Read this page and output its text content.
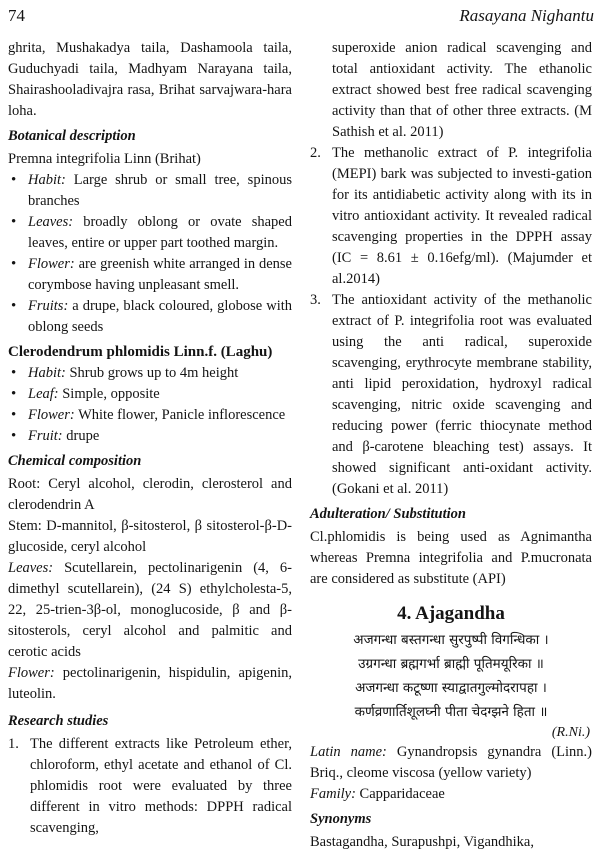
74	Rasayana Nighantu

ghrita, Mushakadya taila, Dashamoola taila, Guduchyadi taila, Madhyam Narayana taila, Shairashooladivajra rasa, Brihat sarvajwara-hara loha.

Botanical description

Premna integrifolia Linn (Brihat)

• Habit: Large shrub or small tree, spinous branches
• Leaves: broadly oblong or ovate shaped leaves, entire or upper part toothed margin.
• Flower: are greenish white arranged in dense corymbose having unpleasant smell.
• Fruits: a drupe, black coloured, globose with oblong seeds

Clerodendrum phlomidis Linn.f. (Laghu)

• Habit: Shrub grows up to 4m height
• Leaf: Simple, opposite
• Flower: White flower, Panicle inflorescence
• Fruit: drupe

Chemical composition

Root: Ceryl alcohol, clerodin, clerosterol and clerodendrin A

Stem: D-mannitol, β-sitosterol, β sitosterol-β-D-glucoside, ceryl alcohol

Leaves: Scutellarein, pectolinarigenin (4, 6-dimethyl scutellarein), (24 S) ethylcholesta-5, 22, 25-trien-3β-ol, monoglucoside, β and β-sitosterols, ceryl alcohol and palmitic and cerotic acids

Flower: pectolinarigenin, hispidulin, apigenin, luteolin.

Research studies

1. The different extracts like Petroleum ether, chloroform, ethyl acetate and ethanol of Cl. phlomidis root were evaluated by three different in vitro methods: DPPH radical scavenging,

superoxide anion radical scavenging and total antioxidant activity. The ethanolic extract showed best free radical scavenging activity than that of other three extracts. (M Sathish et al. 2011)

2. The methanolic extract of P. integrifolia (MEPI) bark was subjected to investi-gation for its antidiabetic activity along with its in vitro antioxidant activity. It revealed radical scavenging properties in the DPPH assay (IC = 8.61 ± 0.16efg/ml). (Majumder et al.2014)
3. The antioxidant activity of the methanolic extract of P. integrifolia root was evaluated using the anti radical, superoxide scavenging, erythrocyte membrane stability, anti lipid peroxidation, hydroxyl radical scavenging, nitric oxide scavenging and reducing power (ferric thiocynate method and β-carotene bleaching test) assays. It showed significant anti-oxidant activity. (Gokani et al. 2011)

Adulteration/ Substitution

Cl.phlomidis is being used as Agnimantha whereas Premna integrifolia and P.mucronata are considered as substitute (API)

4. Ajagandha

अजगन्धा बस्तगन्धा सुरपुष्पी विगन्धिका ।

उग्रगन्धा ब्रह्मगर्भा ब्राह्मी पूतिमयूरिका ॥

अजगन्धा कटूष्णा स्याद्वातगुल्मोदरापहा ।

कर्णव्रणार्तिशूलघ्नी पीता चेदग्झने हिता ॥

(R.Ni.)

Latin name: Gynandropsis gynandra (Linn.) Briq., cleome viscosa (yellow variety)

Family: Capparidaceae

Synonyms

Bastagandha, Surapushpi, Vigandhika,
